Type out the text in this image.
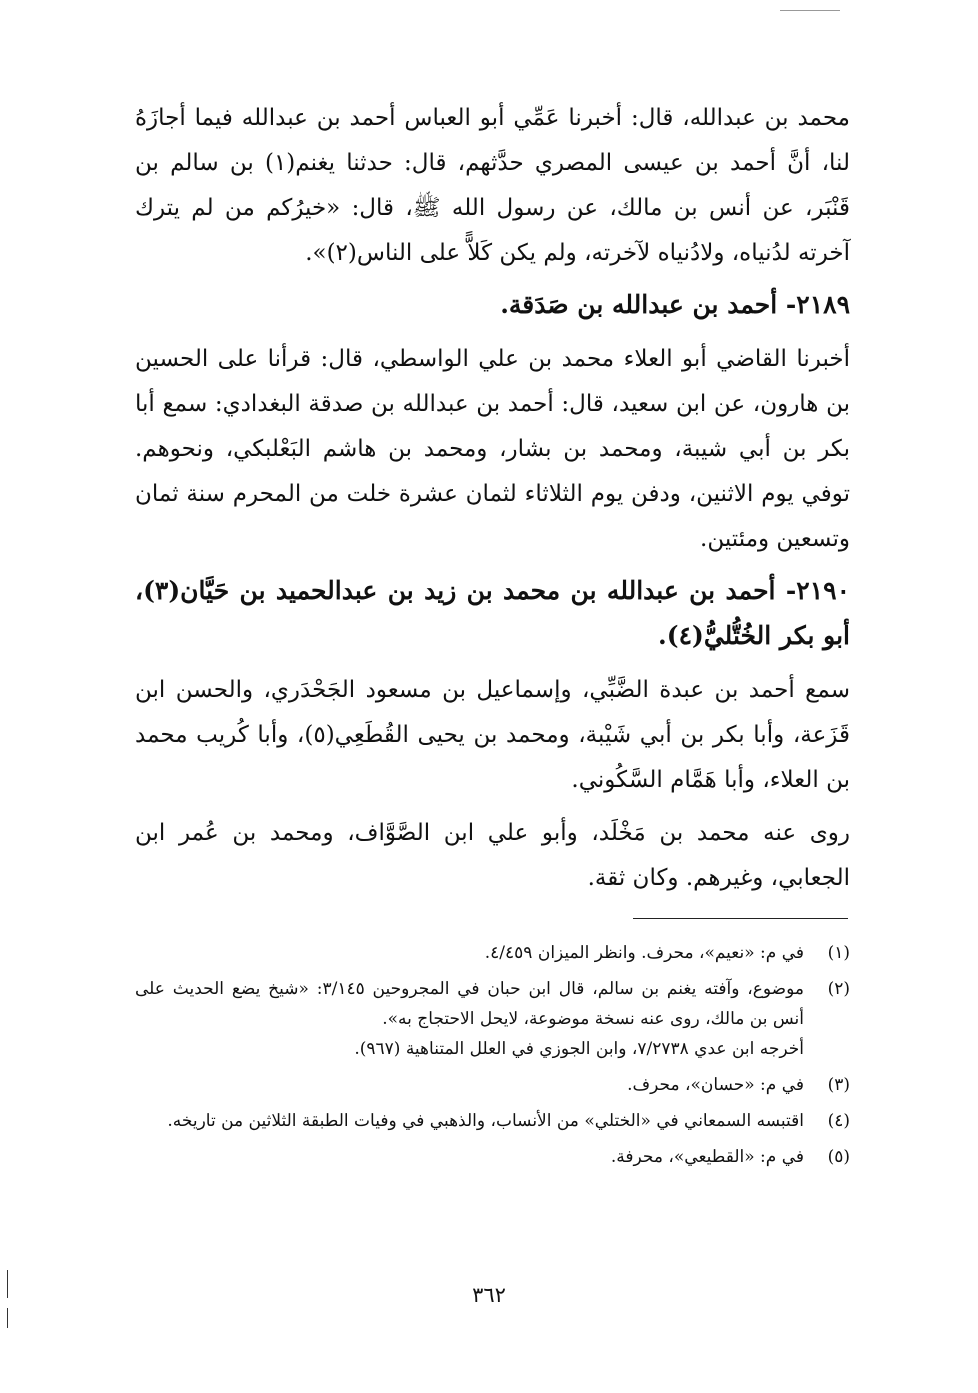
محمد بن عبدالله، قال: أخبرنا عَمِّي أبو العباس أحمد بن عبدالله فيما أجازَهُ لنا، أنَّ أحمد بن عيسى المصري حدَّثهم، قال: حدثنا يغنم(١) بن سالم بن قَنْبَر، عن أنس بن مالك، عن رسول الله ﷺ، قال: «خيرُكم من لم يترك آخرته لدُنياه، ولادُنياه لآخرته، ولم يكن كَلاًّ على الناس(٢)».

٢١٨٩- أحمد بن عبدالله بن صَدَقة.

أخبرنا القاضي أبو العلاء محمد بن علي الواسطي، قال: قرأنا على الحسين بن هارون، عن ابن سعيد، قال: أحمد بن عبدالله بن صدقة البغدادي: سمع أبا بكر بن أبي شيبة، ومحمد بن بشار، ومحمد بن هاشم البَعْلبكي، ونحوهم. توفي يوم الاثنين، ودفن يوم الثلاثاء لثمان عشرة خلت من المحرم سنة ثمان وتسعين ومئتين.

٢١٩٠- أحمد بن عبدالله بن محمد بن زيد بن عبدالحميد بن حَيَّان(٣)، أبو بكر الخُتُّليُّ(٤).

سمع أحمد بن عبدة الضَّبِّي، وإسماعيل بن مسعود الجَحْدَري، والحسن ابن قَزَعة، وأبا بكر بن أبي شَيْبة، ومحمد بن يحيى القُطَعِي(٥)، وأبا كُريب محمد بن العلاء، وأبا هَمَّام السَّكُوني.

روى عنه محمد بن مَخْلَد، وأبو علي ابن الصَّوَّاف، ومحمد بن عُمر ابن الجعابي، وغيرهم. وكان ثقة.

(١)
في م: «نعيم»، محرف. وانظر الميزان ٤/٤٥٩.
(٢)
موضوع، وآفته يغنم بن سالم، قال ابن حبان في المجروحين ٣/١٤٥: «شيخ يضع الحديث على أنس بن مالك، روى عنه نسخة موضوعة، لايحل الاحتجاج به».
أخرجه ابن عدي ٧/٢٧٣٨، وابن الجوزي في العلل المتناهية (٩٦٧).
(٣)
في م: «حسان»، محرف.
(٤)
اقتبسه السمعاني في «الختلي» من الأنساب، والذهبي في وفيات الطبقة الثلاثين من تاريخه.
(٥)
في م: «القطيعي»، محرفة.
٣٦٢
